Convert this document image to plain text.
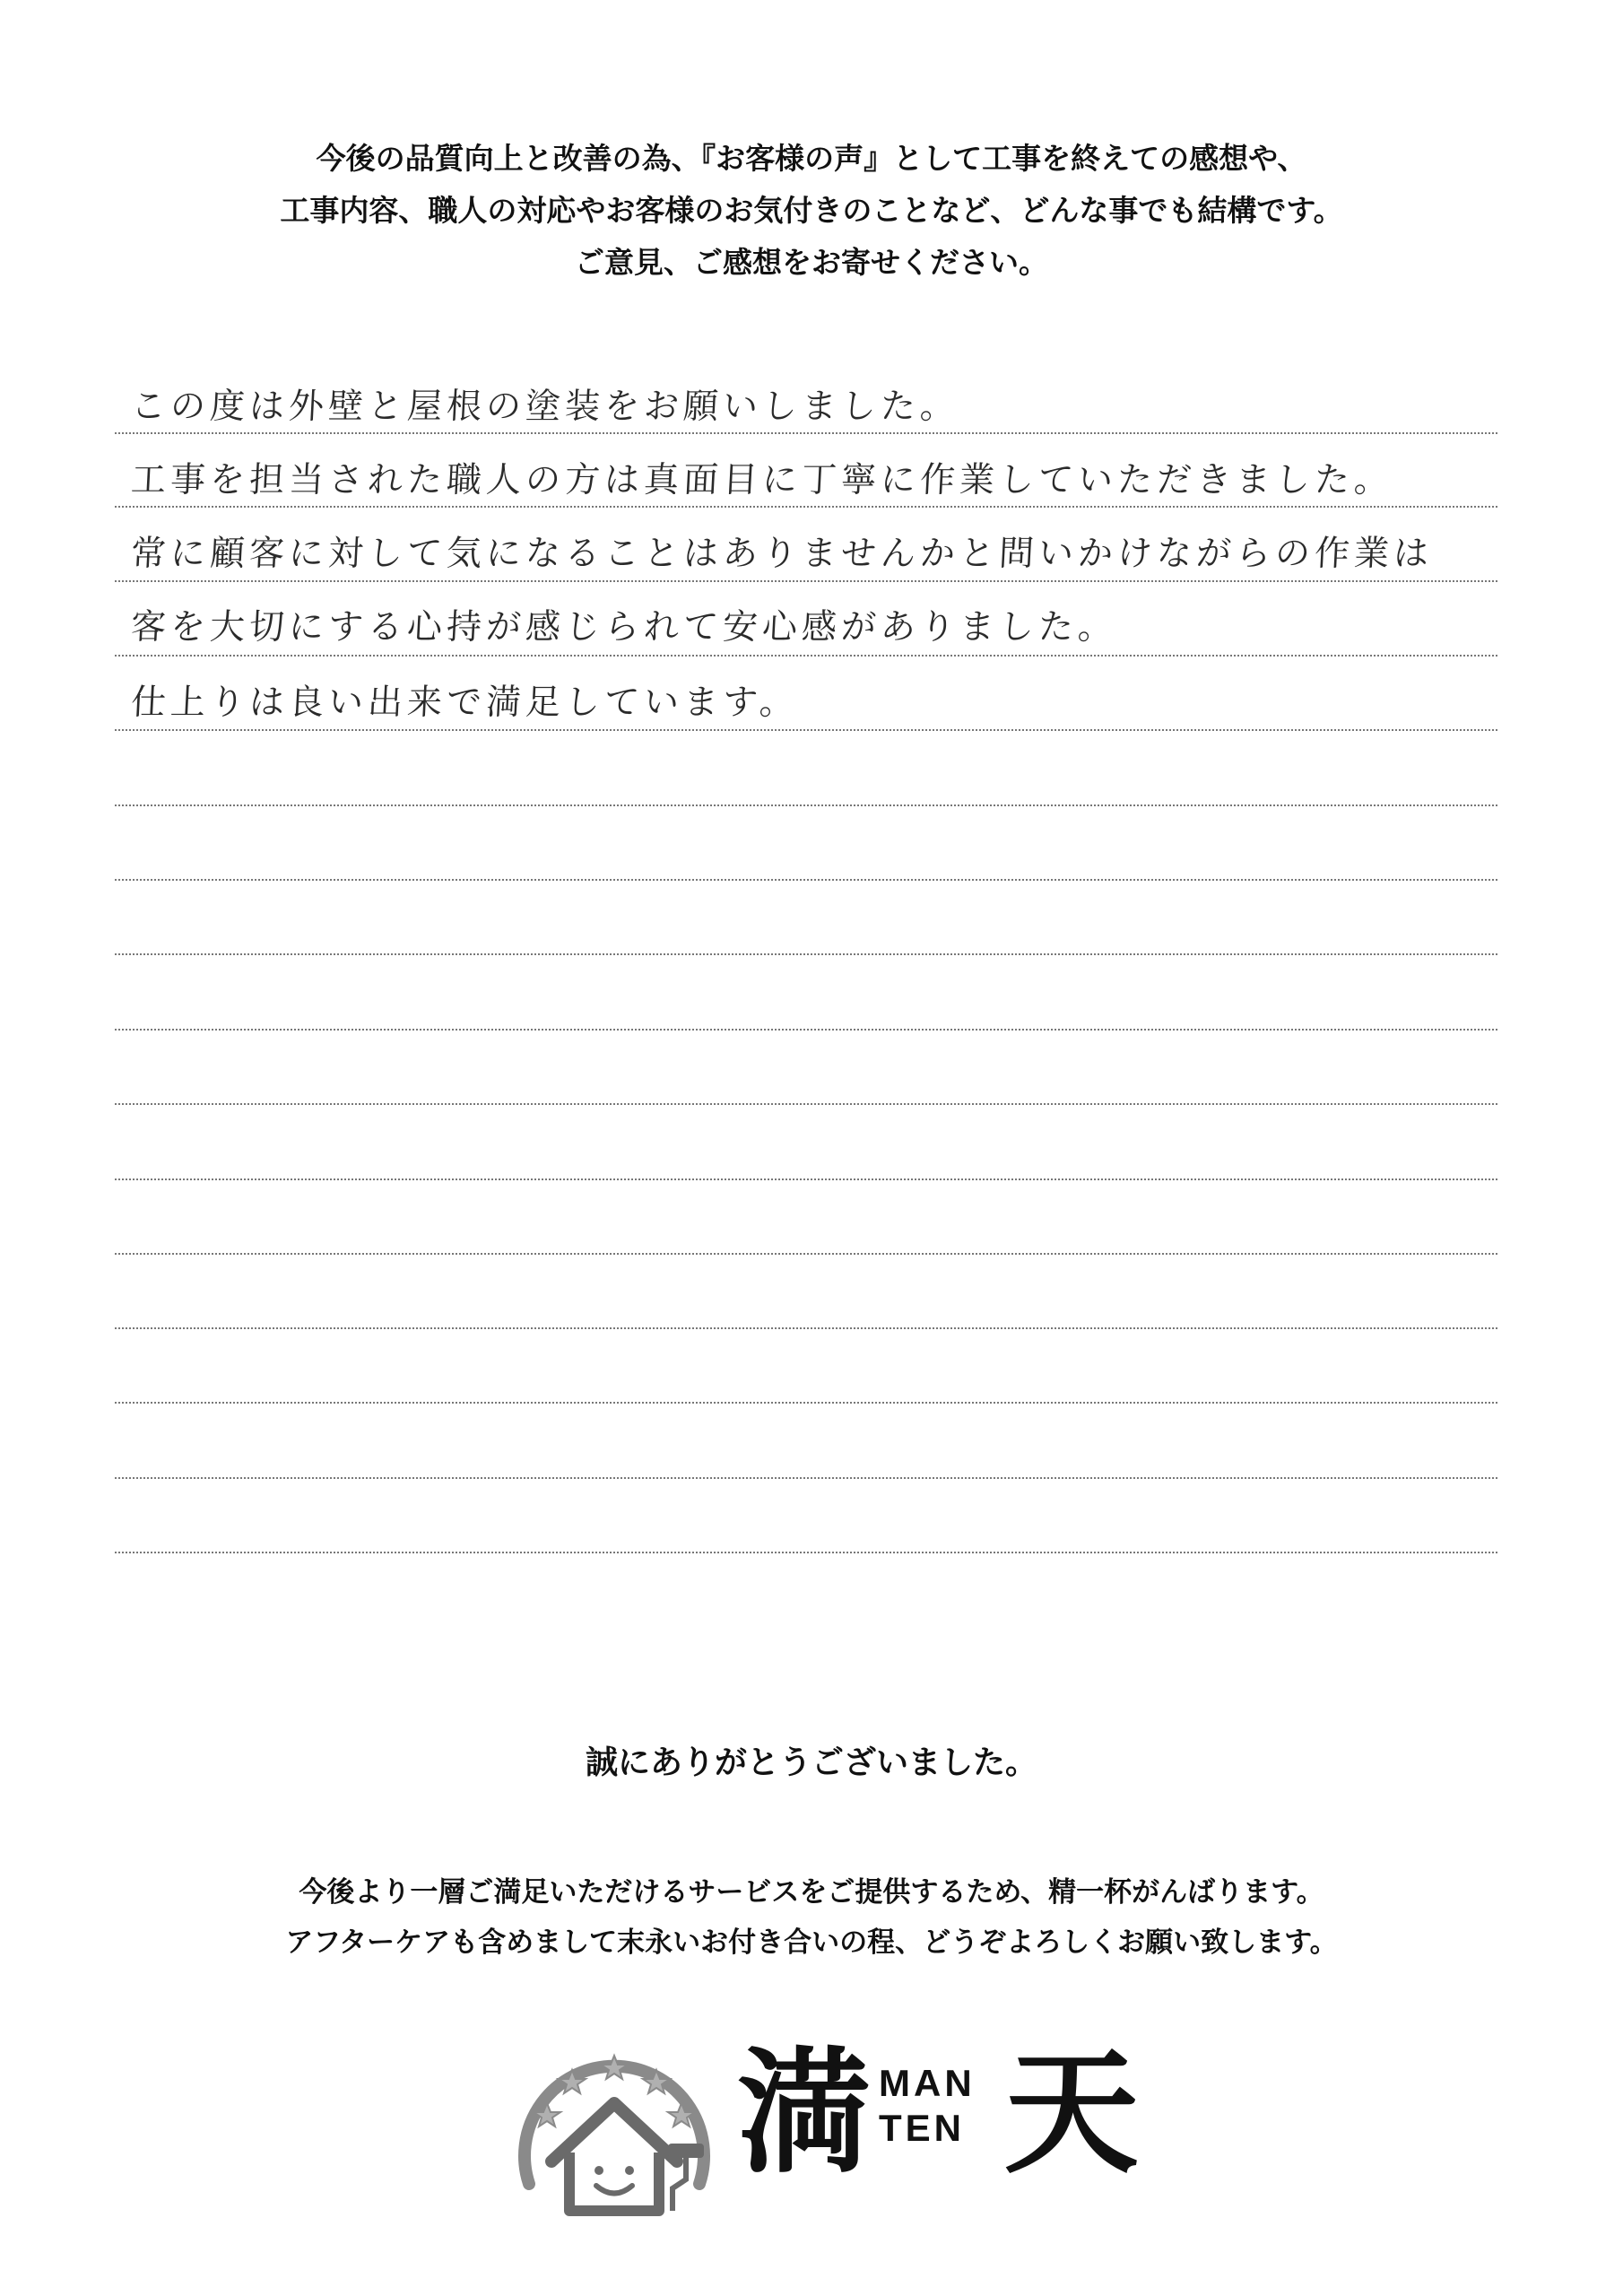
今後の品質向上と改善の為、『お客様の声』として工事を終えての感想や、
工事内容、職人の対応やお客様のお気付きのことなど、どんな事でも結構です。
ご意見、ご感想をお寄せください。
この度は外壁と屋根の塗装をお願いしました。
工事を担当された職人の方は真面目に丁寧に作業していただきました。
常に顧客に対して気になることはありませんかと問いかけながらの作業は
客を大切にする心持が感じられて安心感がありました。
仕上りは良い出来で満足しています。
誠にありがとうございました。
今後より一層ご満足いただけるサービスをご提供するため、精一杯がんばります。
アフターケアも含めまして末永いお付き合いの程、どうぞよろしくお願い致します。
満 MAN
TEN 天
